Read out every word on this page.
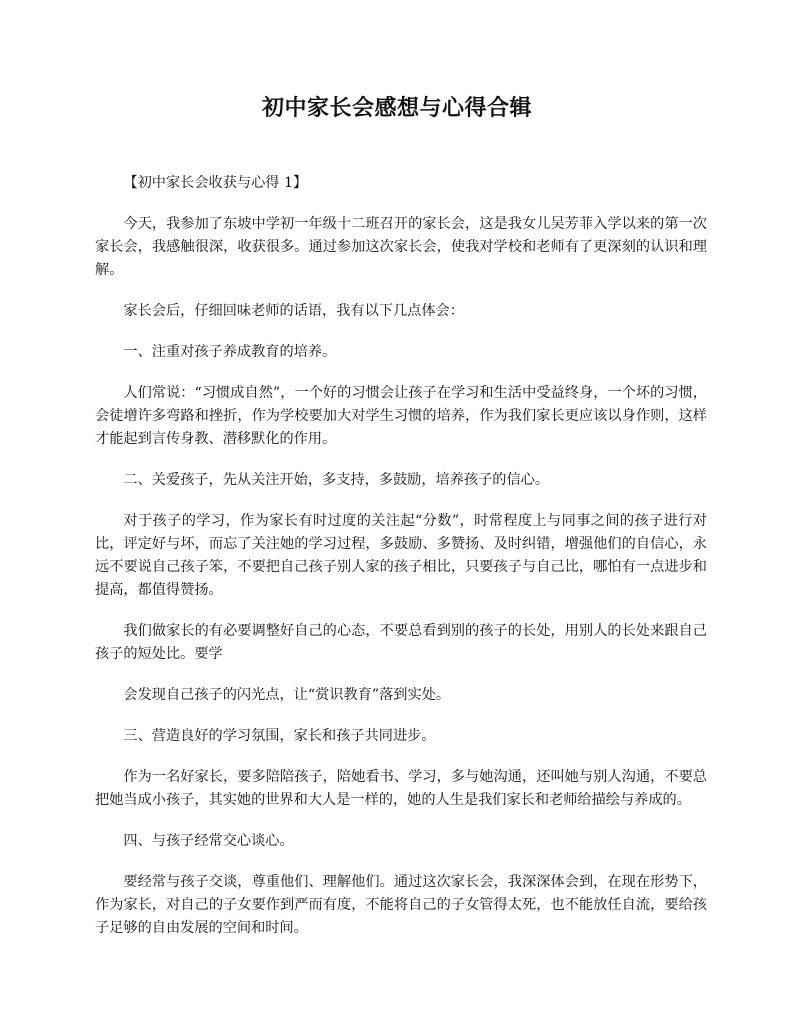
初中家长会感想与心得合辑

【初中家长会收获与心得 1】

今天，我参加了东坡中学初一年级十二班召开的家长会，这是我女儿吴芳菲入学以来的第一次家长会，我感触很深，收获很多。通过参加这次家长会，使我对学校和老师有了更深刻的认识和理解。

家长会后，仔细回味老师的话语，我有以下几点体会：

一、注重对孩子养成教育的培养。

人们常说：“习惯成自然”，一个好的习惯会让孩子在学习和生活中受益终身，一个坏的习惯，会徒增许多弯路和挫折，作为学校要加大对学生习惯的培养，作为我们家长更应该以身作则，这样才能起到言传身教、潜移默化的作用。

二、关爱孩子，先从关注开始，多支持，多鼓励，培养孩子的信心。

对于孩子的学习，作为家长有时过度的关注起“分数”，时常程度上与同事之间的孩子进行对比，评定好与坏，而忘了关注她的学习过程，多鼓励、多赞扬、及时纠错，增强他们的自信心，永远不要说自己孩子笨，不要把自己孩子别人家的孩子相比，只要孩子与自己比，哪怕有一点进步和提高，都值得赞扬。

我们做家长的有必要调整好自己的心态，不要总看到别的孩子的长处，用别人的长处来跟自己孩子的短处比。要学

会发现自己孩子的闪光点，让“赏识教育”落到实处。

三、营造良好的学习氛围，家长和孩子共同进步。

作为一名好家长，要多陪陪孩子，陪她看书、学习，多与她沟通，还叫她与别人沟通，不要总把她当成小孩子，其实她的世界和大人是一样的，她的人生是我们家长和老师给描绘与养成的。

四、与孩子经常交心谈心。

要经常与孩子交谈，尊重他们、理解他们。通过这次家长会，我深深体会到，在现在形势下，作为家长，对自己的子女要作到严而有度，不能将自己的子女管得太死，也不能放任自流，要给孩子足够的自由发展的空间和时间。
